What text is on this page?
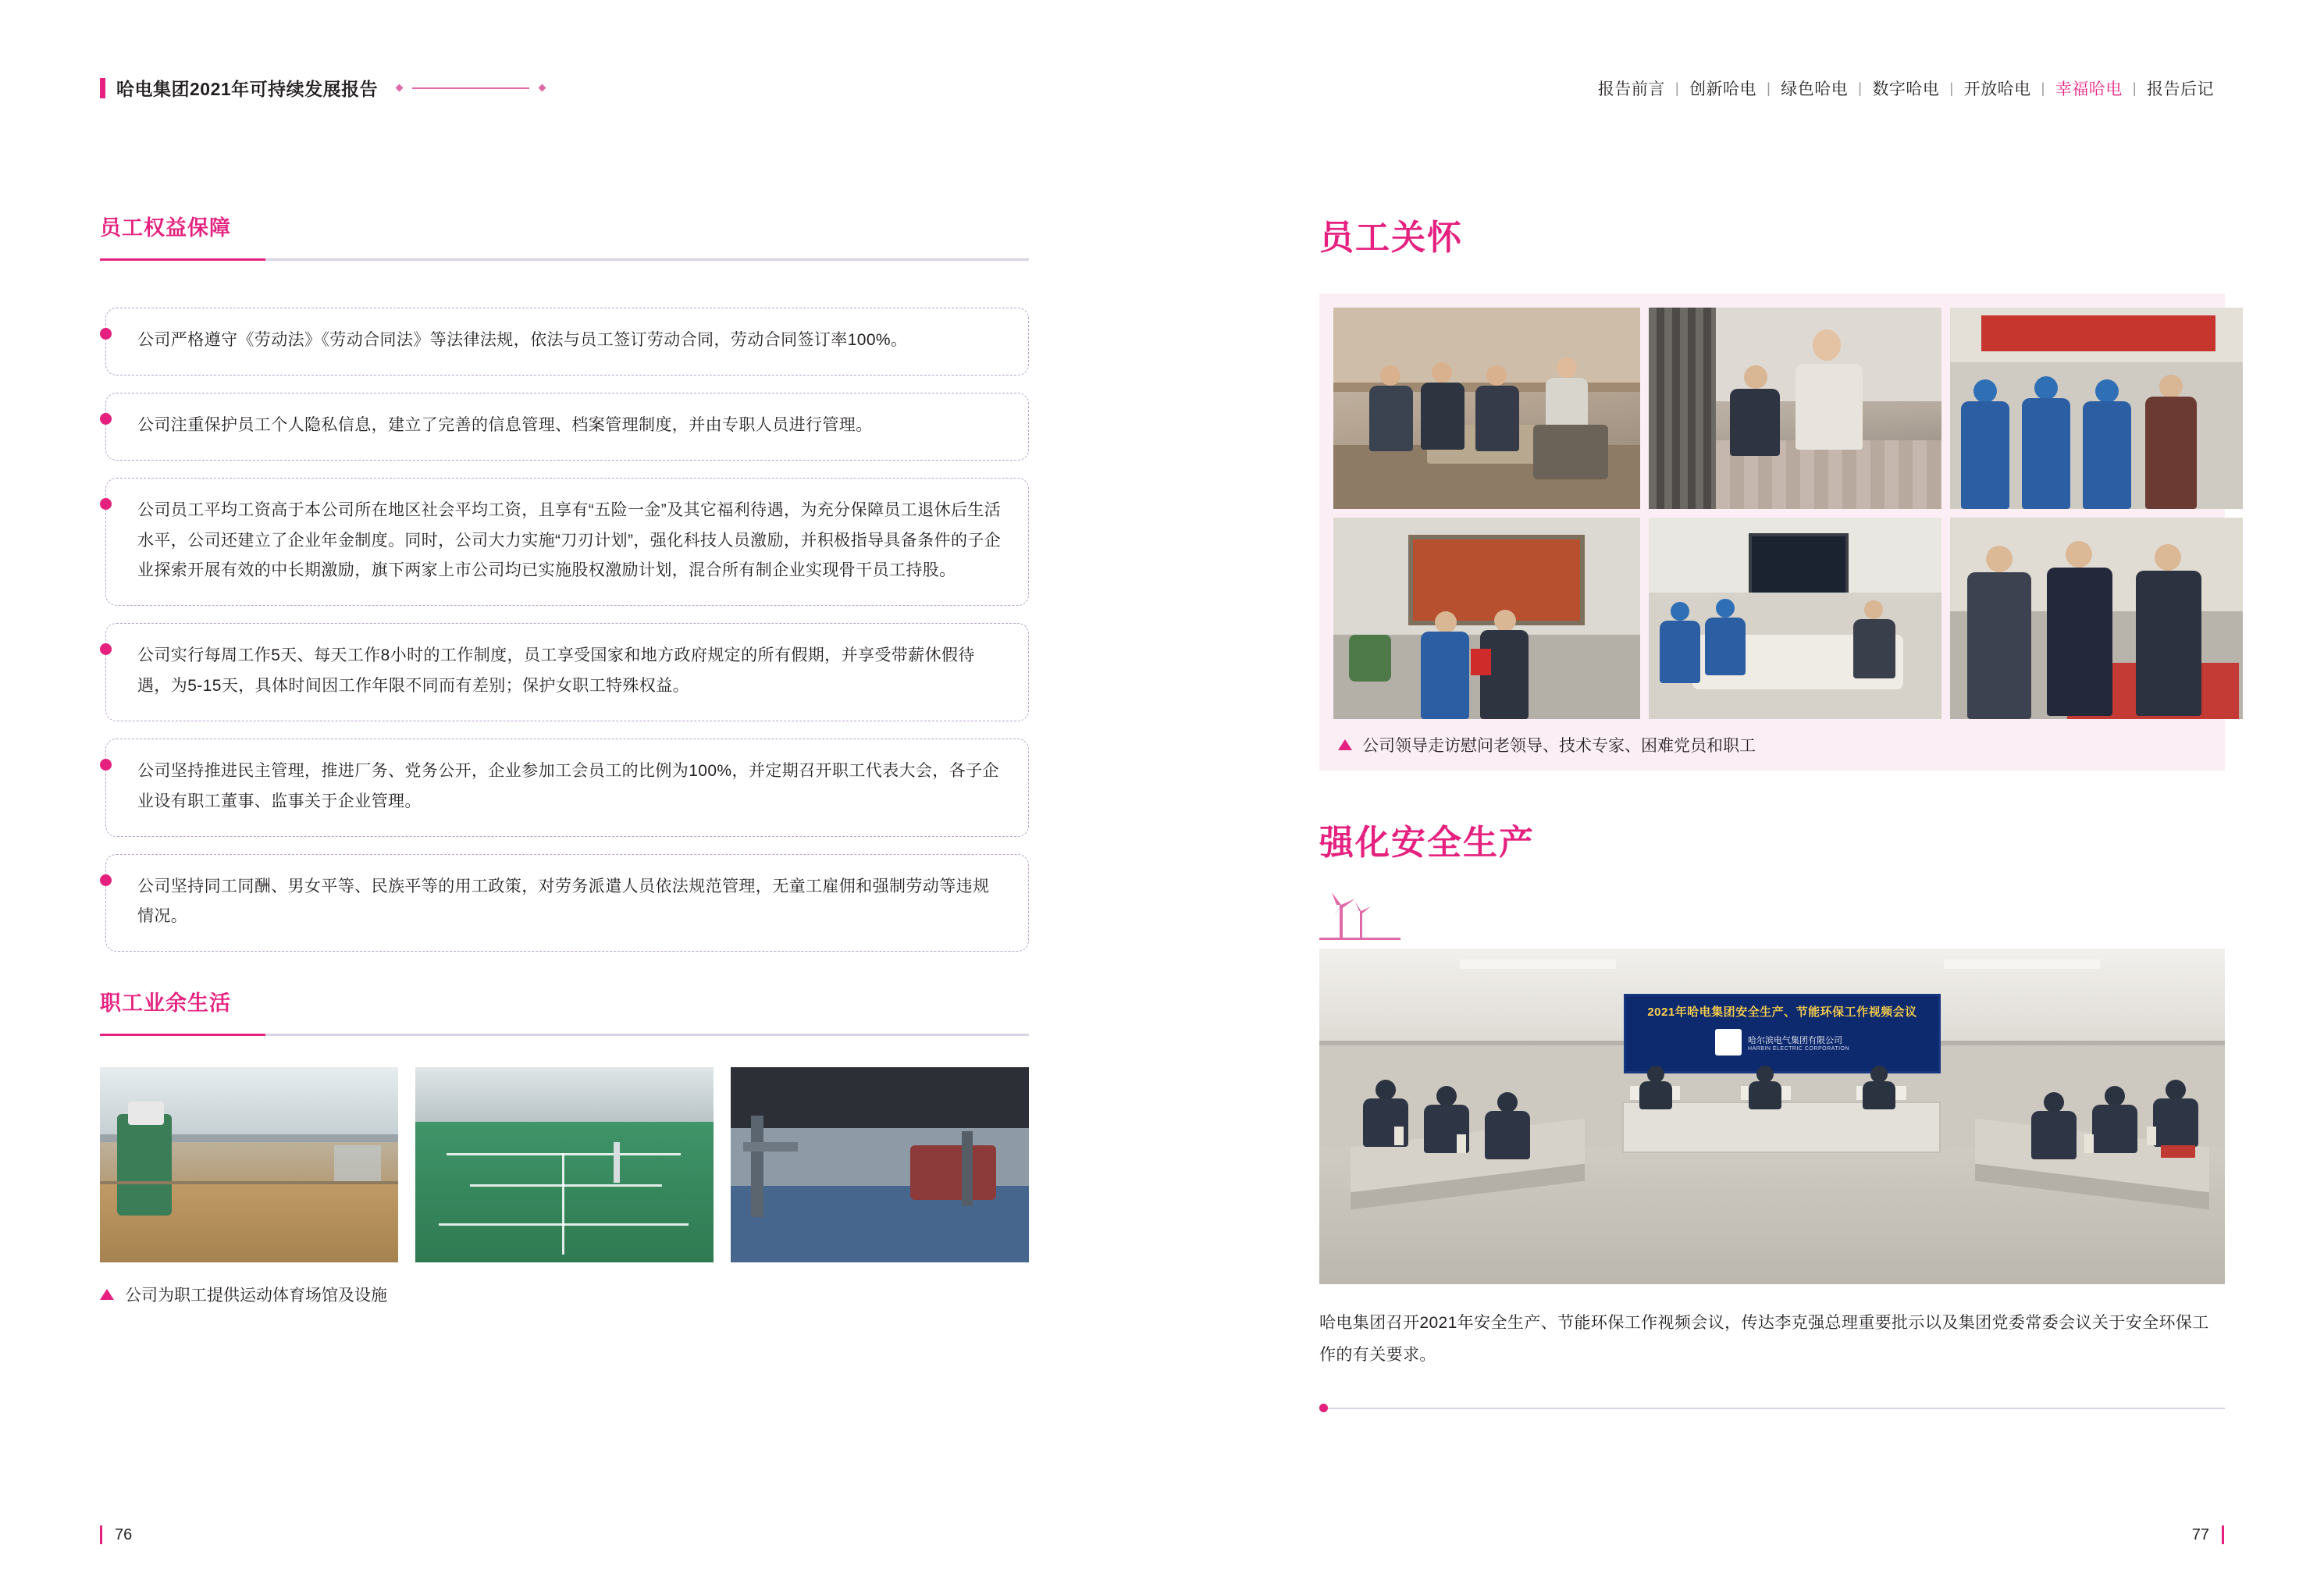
哈电集团2021年可持续发展报告	报告前言 | 创新哈电 | 绿色哈电 | 数字哈电 | 开放哈电 | 幸福哈电 | 报告后记
员工权益保障
公司严格遵守《劳动法》《劳动合同法》等法律法规，依法与员工签订劳动合同，劳动合同签订率100%。
公司注重保护员工个人隐私信息，建立了完善的信息管理、档案管理制度，并由专职人员进行管理。
公司员工平均工资高于本公司所在地区社会平均工资，且享有“五险一金”及其它福利待遇，为充分保障员工退休后生活水平，公司还建立了企业年金制度。同时，公司大力实施“刀刃计划”，强化科技人员激励，并积极指导具备条件的子企业探索开展有效的中长期激励，旗下两家上市公司均已实施股权激励计划，混合所有制企业实现骨干员工持股。
公司实行每周工作5天、每天工作8小时的工作制度，员工享受国家和地方政府规定的所有假期，并享受带薪休假待遇，为5-15天，具体时间因工作年限不同而有差别；保护女职工特殊权益。
公司坚持推进民主管理，推进厂务、党务公开，企业参加工会员工的比例为100%，并定期召开职工代表大会，各子企业设有职工董事、监事关于企业管理。
公司坚持同工同酬、男女平等、民族平等的用工政策，对劳务派遣人员依法规范管理，无童工雇佣和强制劳动等违规情况。
职工业余生活
公司为职工提供运动体育场馆及设施
员工关怀
公司领导走访慰问老领导、技术专家、困难党员和职工
强化安全生产
2021年哈电集团安全生产、节能环保工作视频会议
哈尔滨电气集团有限公司
HARBIN ELECTRIC CORPORATION
哈电集团召开2021年安全生产、节能环保工作视频会议，传达李克强总理重要批示以及集团党委常委会议关于安全环保工作的有关要求。
76	77
